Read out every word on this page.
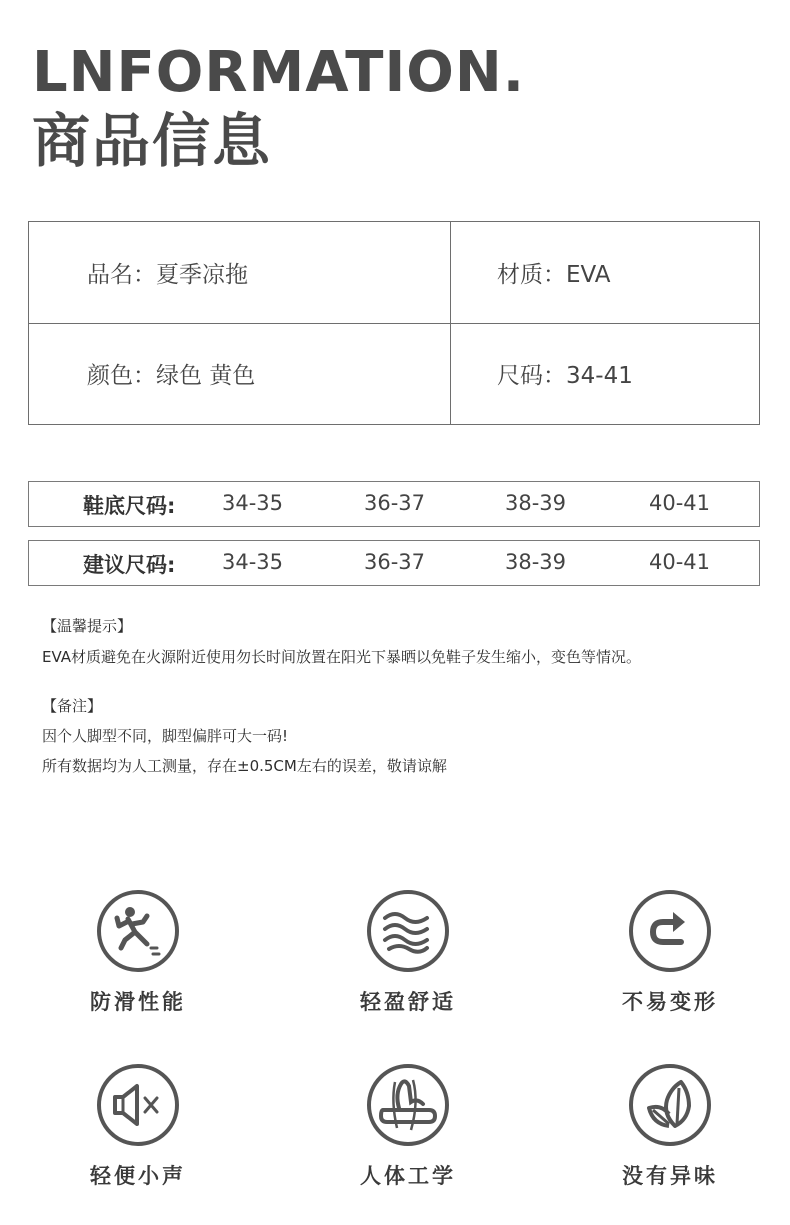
LNFORMATION.
商品信息
品名：夏季凉拖	材质：EVA
颜色：绿色 黄色	尺码：34-41
鞋底尺码: 34-35	36-37	38-39	40-41
建议尺码: 34-35	36-37	38-39	40-41
【温馨提示】
EVA材质避免在火源附近使用勿长时间放置在阳光下暴晒以免鞋子发生缩小，变色等情况。
【备注】
因个人脚型不同，脚型偏胖可大一码!
所有数据均为人工测量，存在±0.5CM左右的误差，敬请谅解
防滑性能	轻盈舒适	不易变形
轻便小声	人体工学	没有异味
